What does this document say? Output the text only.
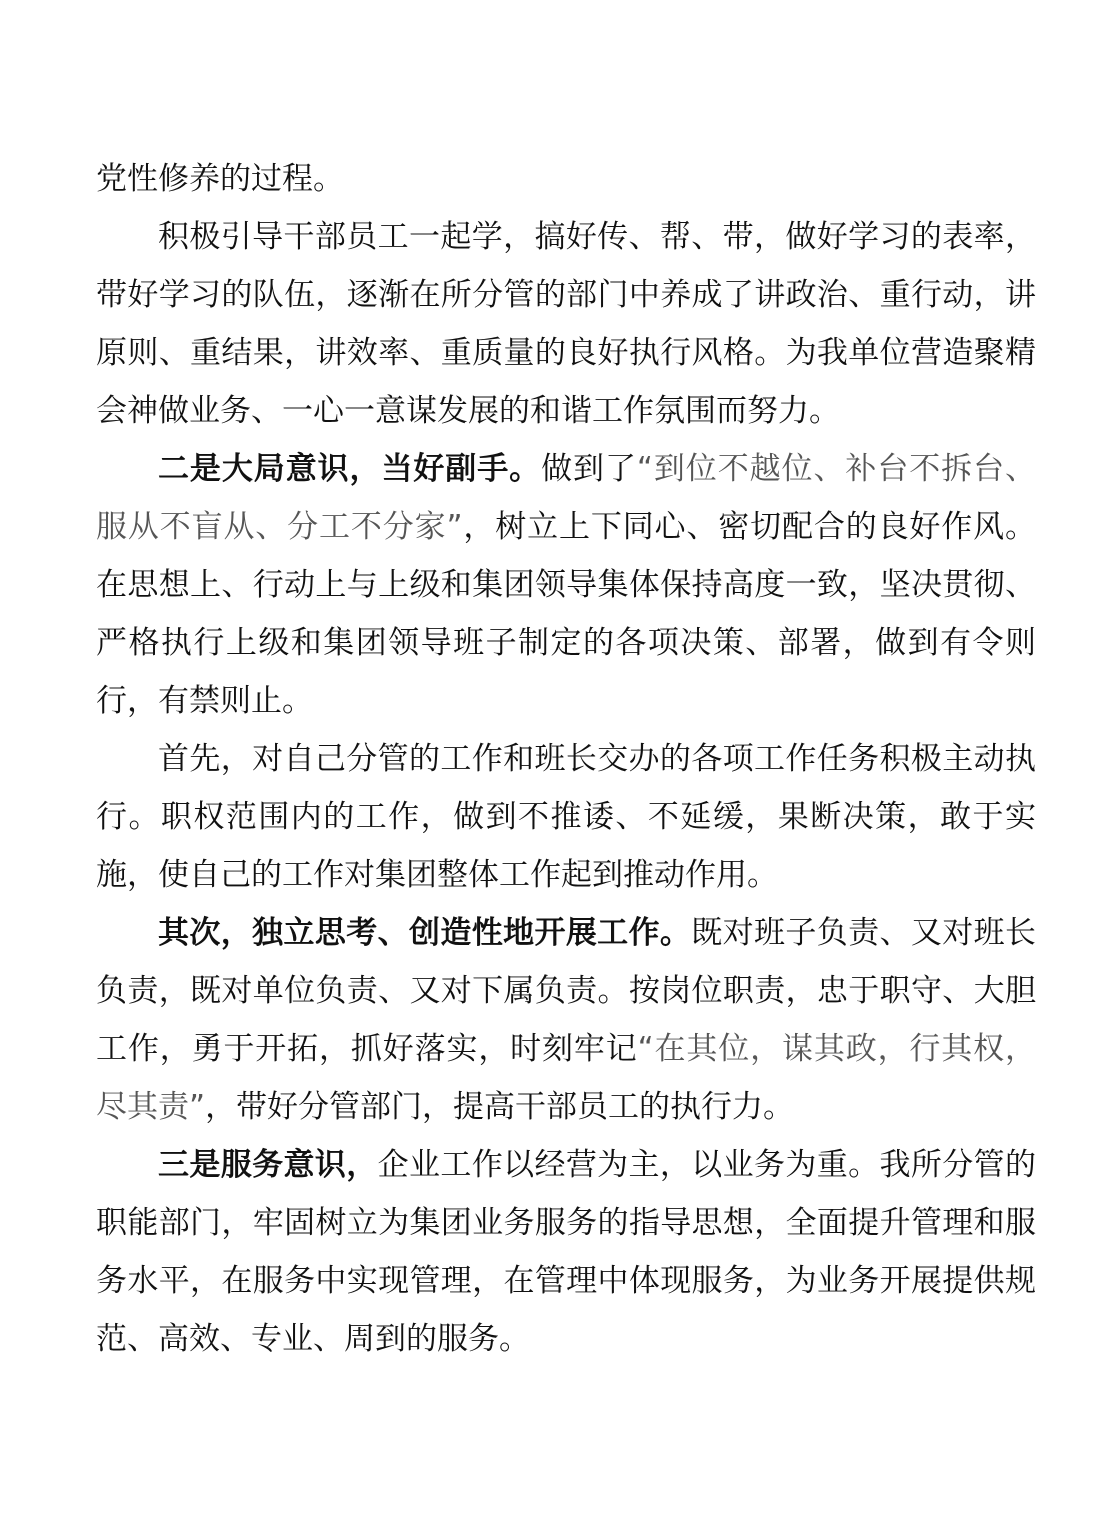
党性修养的过程。

积极引导干部员工一起学，搞好传、帮、带，做好学习的表率，带好学习的队伍，逐渐在所分管的部门中养成了讲政治、重行动，讲原则、重结果，讲效率、重质量的良好执行风格。为我单位营造聚精会神做业务、一心一意谋发展的和谐工作氛围而努力。

二是大局意识，当好副手。做到了“到位不越位、补台不拆台、服从不盲从、分工不分家”，树立上下同心、密切配合的良好作风。在思想上、行动上与上级和集团领导集体保持高度一致，坚决贯彻、严格执行上级和集团领导班子制定的各项决策、部署，做到有令则行，有禁则止。

首先，对自己分管的工作和班长交办的各项工作任务积极主动执行。职权范围内的工作，做到不推诿、不延缓，果断决策，敢于实施，使自己的工作对集团整体工作起到推动作用。

其次，独立思考、创造性地开展工作。既对班子负责、又对班长负责，既对单位负责、又对下属负责。按岗位职责，忠于职守、大胆工作，勇于开拓，抓好落实，时刻牢记“在其位，谋其政，行其权，尽其责”，带好分管部门，提高干部员工的执行力。

三是服务意识，企业工作以经营为主，以业务为重。我所分管的职能部门，牢固树立为集团业务服务的指导思想，全面提升管理和服务水平，在服务中实现管理，在管理中体现服务，为业务开展提供规范、高效、专业、周到的服务。
